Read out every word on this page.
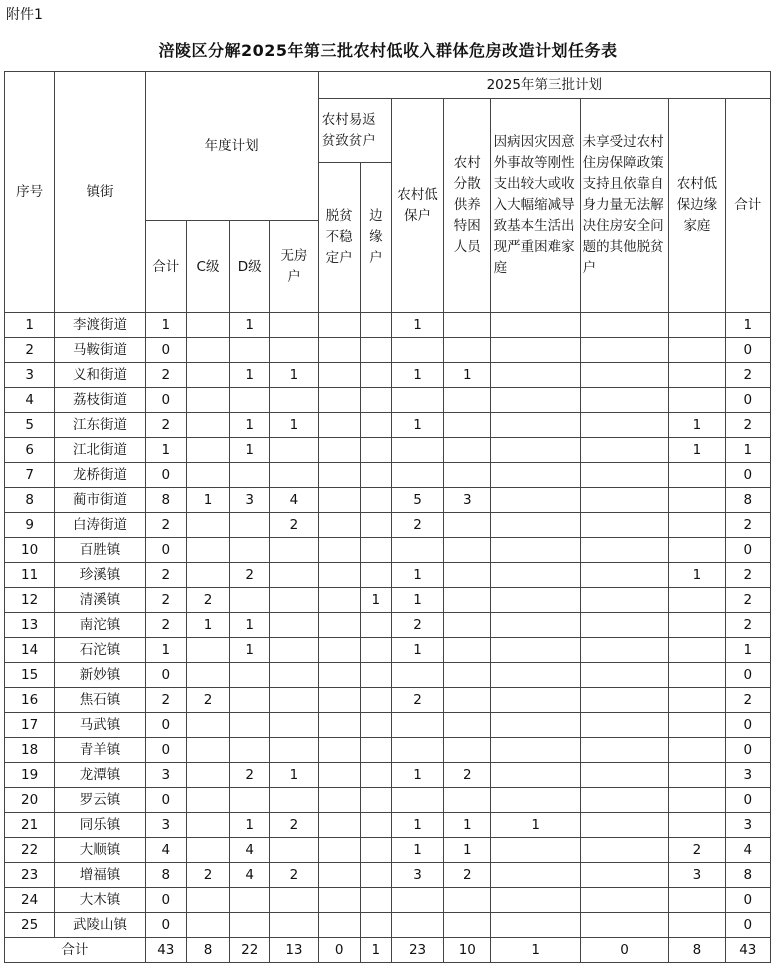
附件1
涪陵区分解2025年第三批农村低收入群体危房改造计划任务表
序号	镇街	年度计划				2025年第三批计划							
						农村易返贫致贫户		农村低保户	农村分散供养特困人员	因病因灾因意外事故等刚性支出较大或收入大幅缩减导致基本生活出现严重困难家庭	未享受过农村住房保障政策支持且依靠自身力量无法解决住房安全问题的其他脱贫户	农村低保边缘家庭	合计
						脱贫不稳定户	边缘户						
		合计	C级	D级	无房户								
1	李渡街道	1		1				1					1
2	马鞍街道	0											0
3	义和街道	2		1	1			1	1				2
4	荔枝街道	0											0
5	江东街道	2		1	1			1				1	2
6	江北街道	1		1								1	1
7	龙桥街道	0											0
8	蔺市街道	8	1	3	4			5	3				8
9	白涛街道	2			2			2					2
10	百胜镇	0											0
11	珍溪镇	2		2				1				1	2
12	清溪镇	2	2				1	1					2
13	南沱镇	2	1	1				2					2
14	石沱镇	1		1				1					1
15	新妙镇	0											0
16	焦石镇	2	2					2					2
17	马武镇	0											0
18	青羊镇	0											0
19	龙潭镇	3		2	1			1	2				3
20	罗云镇	0											0
21	同乐镇	3		1	2			1	1	1			3
22	大顺镇	4		4				1	1			2	4
23	增福镇	8	2	4	2			3	2			3	8
24	大木镇	0											0
25	武陵山镇	0											0
合计		43	8	22	13	0	1	23	10	1	0	8	43
